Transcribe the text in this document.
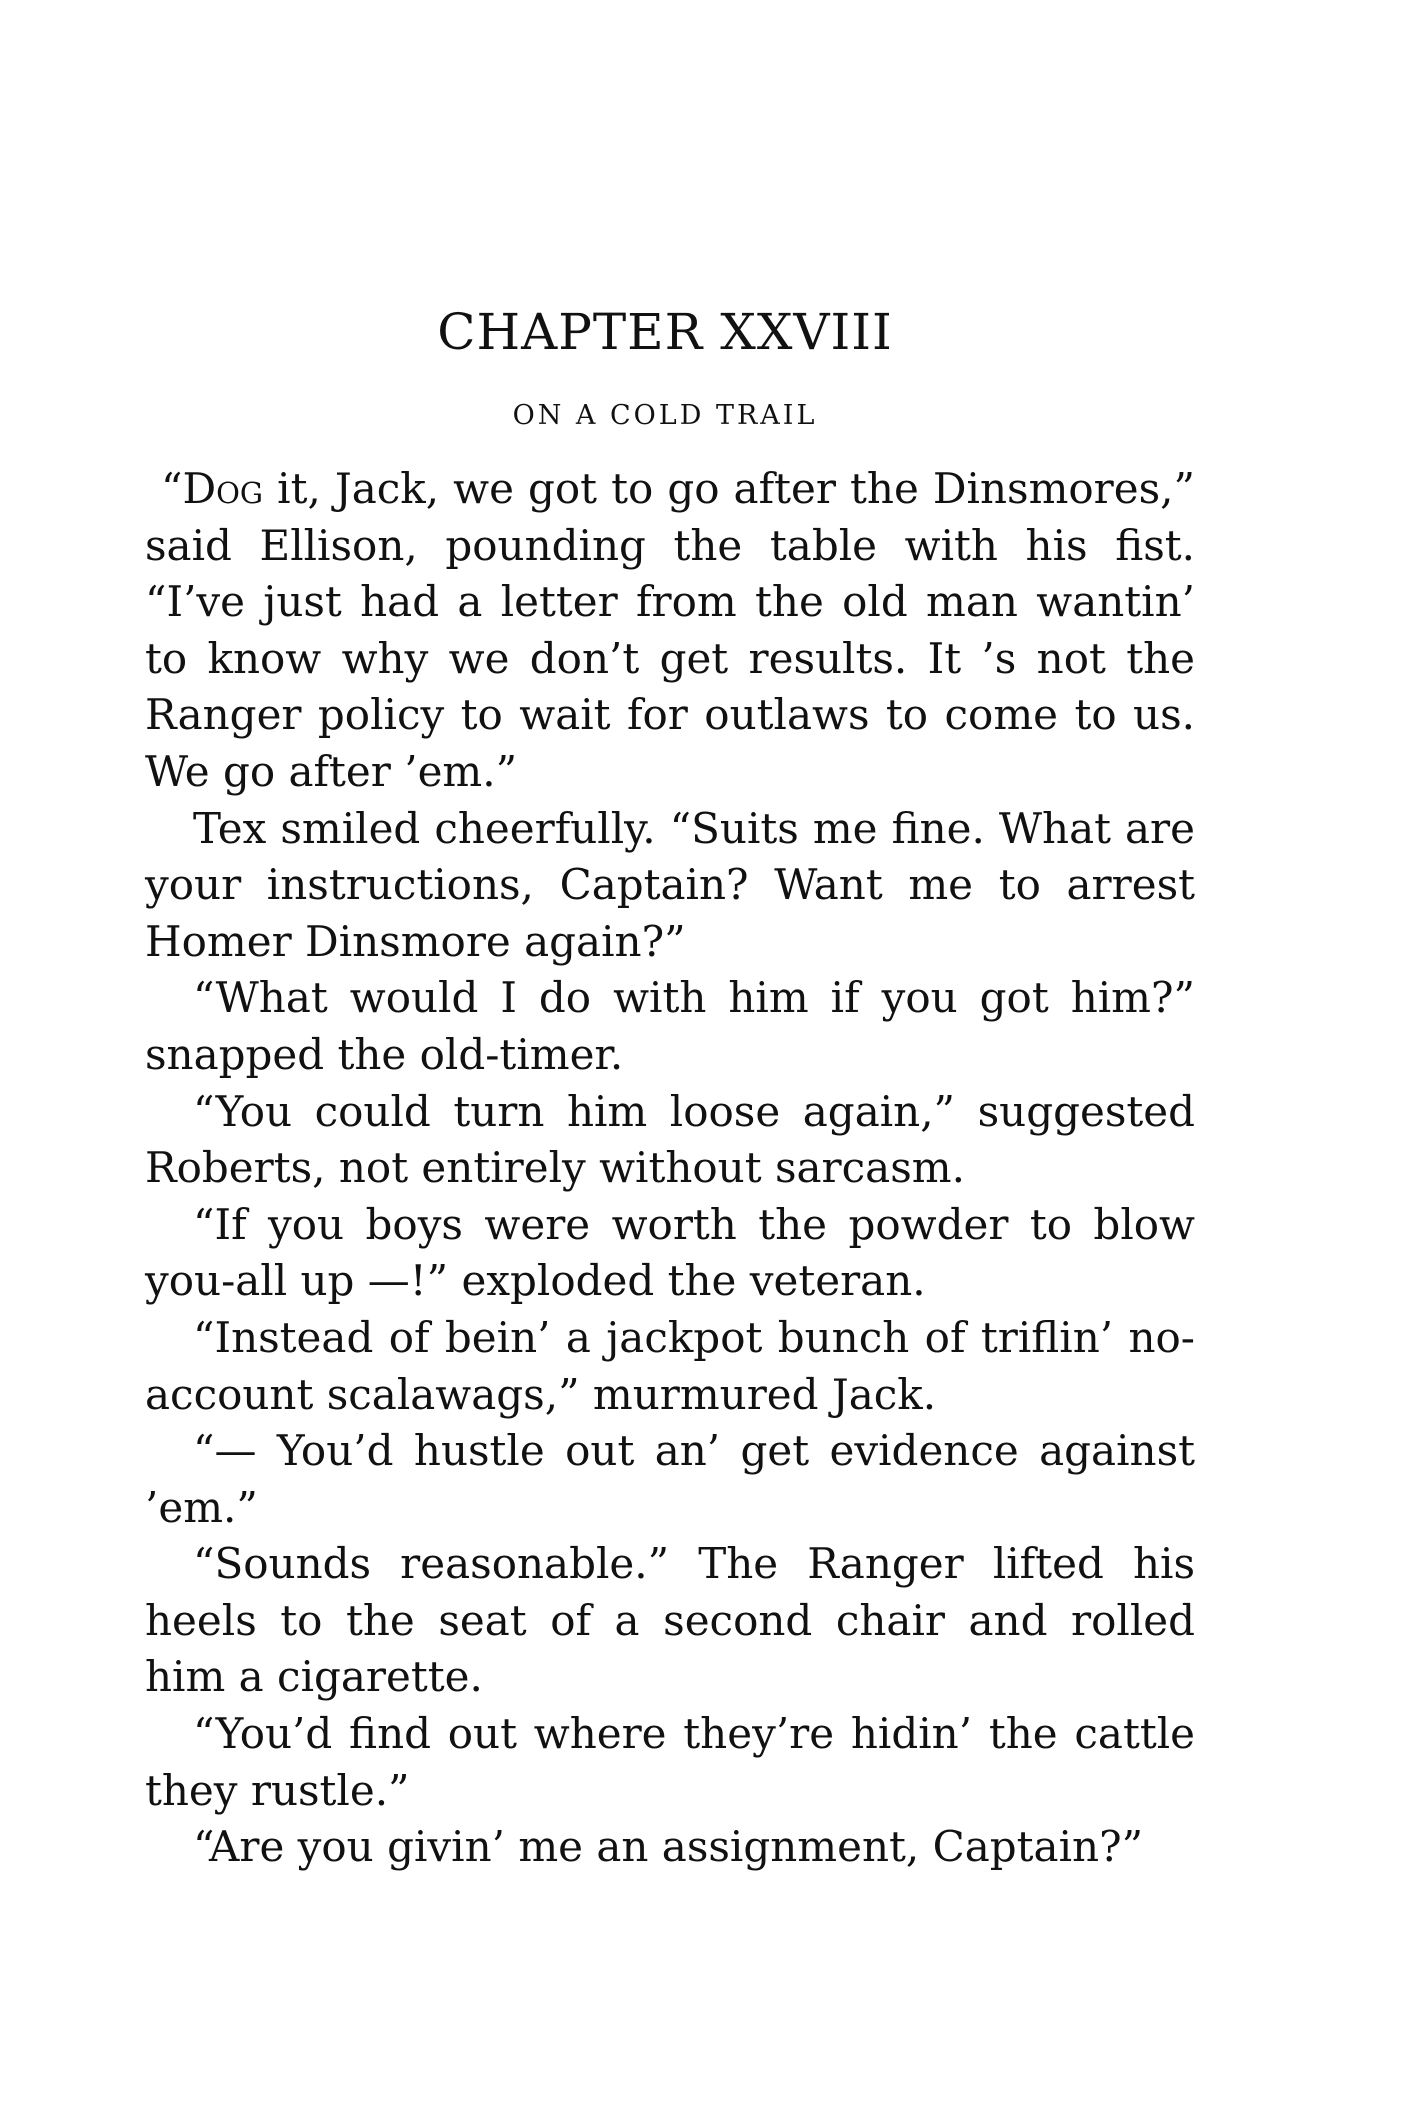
CHAPTER XXVIII
ON A COLD TRAIL

“Dog it, Jack, we got to go after the Dinsmores,” said Ellison, pounding the table with his fist. “I’ve just had a letter from the old man wantin’ to know why we don’t get results. It ’s not the Ranger policy to wait for outlaws to come to us. We go after ’em.”

Tex smiled cheerfully. “Suits me fine. What are your instructions, Captain? Want me to arrest Homer Dinsmore again?”

“What would I do with him if you got him?” snapped the old-timer.

“You could turn him loose again,” suggested Roberts, not entirely without sarcasm.

“If you boys were worth the powder to blow you-all up —!” exploded the veteran.

“Instead of bein’ a jackpot bunch of triflin’ no-account scalawags,” murmured Jack.

“— You’d hustle out an’ get evidence against ’em.”

“Sounds reasonable.” The Ranger lifted his heels to the seat of a second chair and rolled him a cigarette.

“You’d find out where they’re hidin’ the cattle they rustle.”

“Are you givin’ me an assignment, Captain?”
